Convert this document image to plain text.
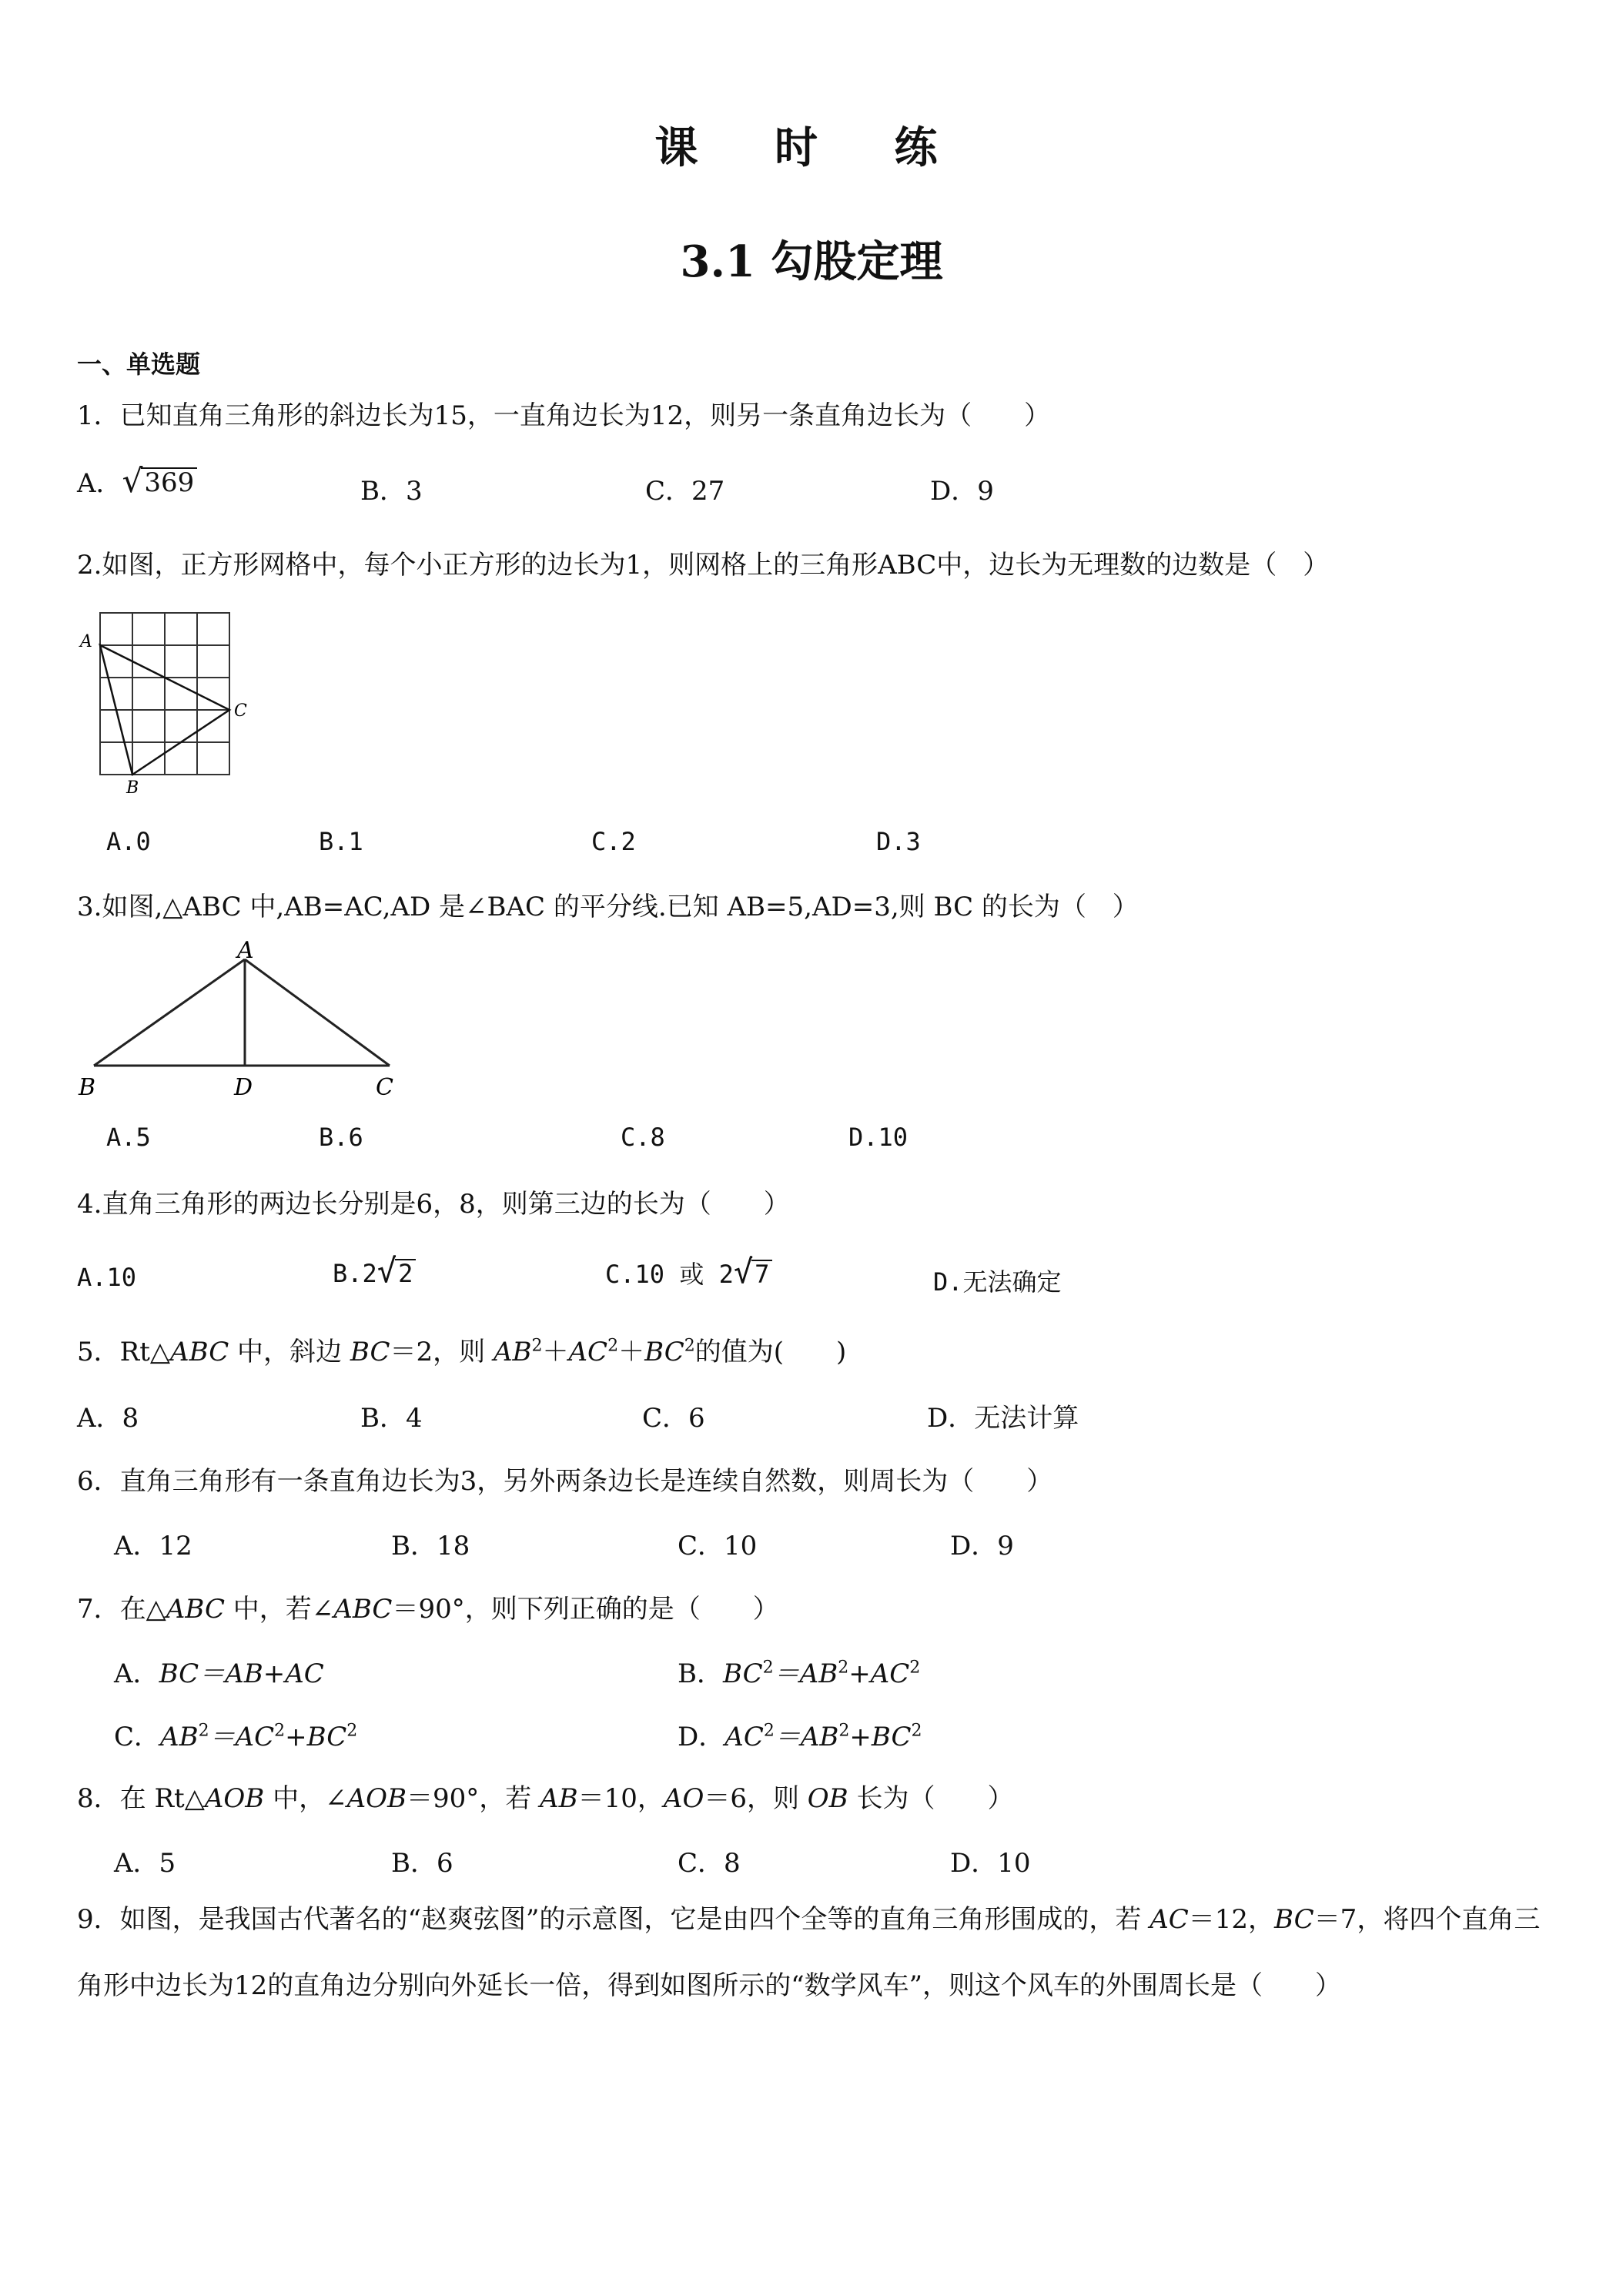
课 时 练
3.1 勾股定理
一、单选题
1．已知直角三角形的斜边长为15，一直角边长为12，则另一条直角边长为（　　）
A． √ 369	B．3	C．27	D．9
2.如图，正方形网格中，每个小正方形的边长为1，则网格上的三角形ABC中，边长为无理数的边数是（　）
A
B
C
A.0	B.1	C.2	D.3
3.如图,△ABC 中,AB=AC,AD 是∠BAC 的平分线.已知 AB=5,AD=3,则 BC 的长为（　）
A
B	D	C
A.5	B.6	C.8	D.10
4.直角三角形的两边长分别是6，8，则第三边的长为（　　）
A.10	B.2 √ 2	C.10 或 2 √ 7	D.无法确定
5．Rt△ABC 中，斜边 BC＝2，则 $AB^2+AC^2+BC^2$的值为(　　)
A．8	B．4	C．6	D．无法计算
6．直角三角形有一条直角边长为3，另外两条边长是连续自然数，则周长为（　　）
A．12	B．18	C．10	D．9
7．在△ABC 中，若∠ABC＝90°，则下列正确的是（　　）
A．BC＝AB+AC	B．$BC^2=AB^2+AC^2$
C．$AB^2=AC^2+BC^2$	D．$AC^2=AB^2+BC^2$
8．在 Rt△AOB 中，∠AOB＝90°，若 AB＝10，AO＝6，则 OB 长为（　　）
A．5	B．6	C．8	D．10
9．如图，是我国古代著名的“赵爽弦图”的示意图，它是由四个全等的直角三角形围成的，若 AC＝12，BC＝7，将四个直角三角形中边长为12的直角边分别向外延长一倍，得到如图所示的“数学风车”，则这个风车的外围周长是（　　）
